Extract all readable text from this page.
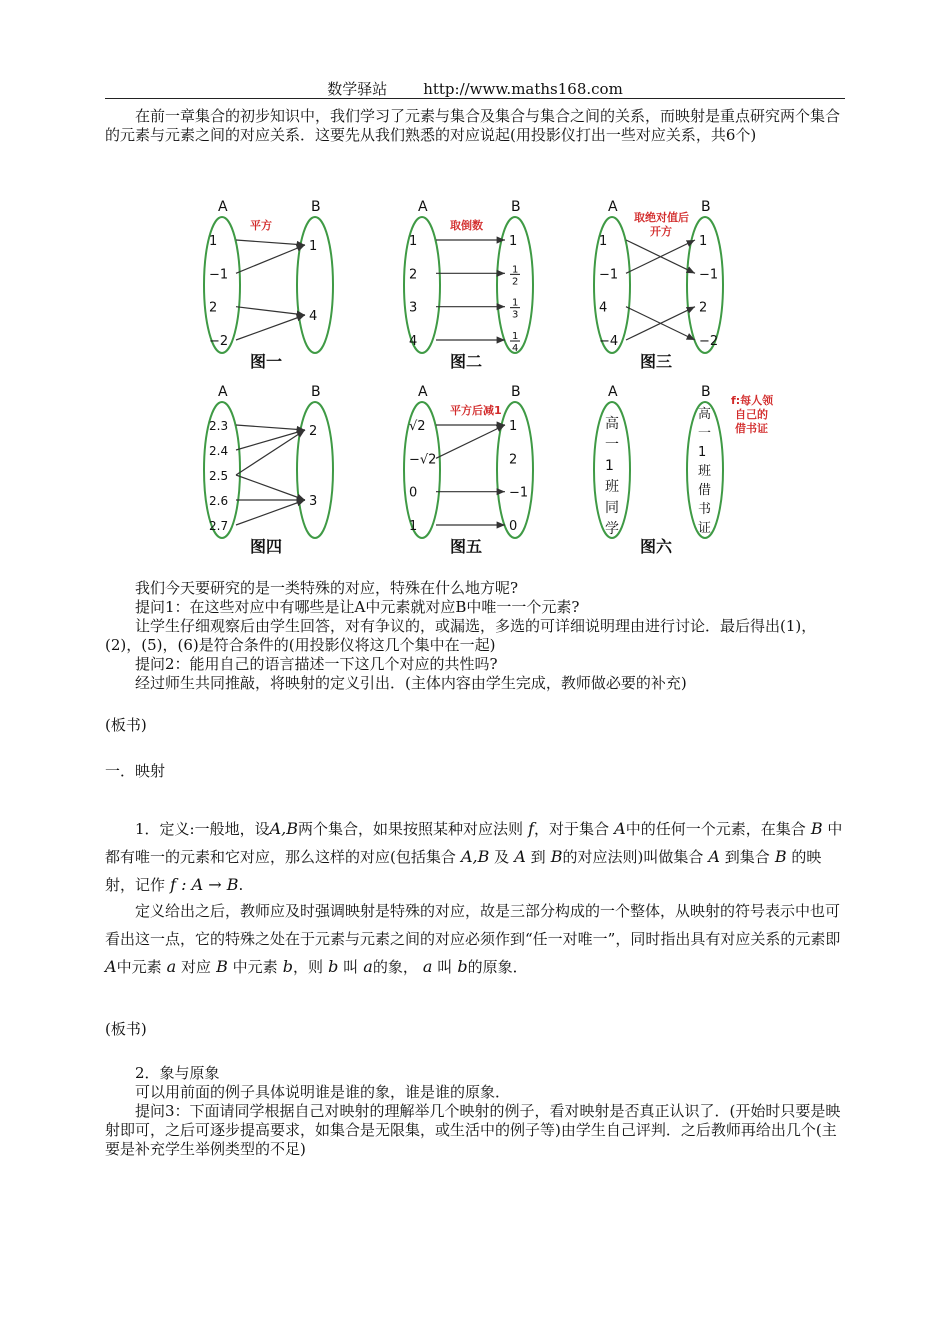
数学驿站 http://www.maths168.com

在前一章集合的初步知识中，我们学习了元素与集合及集合与集合之间的关系，而映射是重点研究两个集合的元素与元素之间的对应关系．这要先从我们熟悉的对应说起(用投影仪打出一些对应关系，共6个)

A	B
图一
1
−1
2
−2
1
4
平方
A	B
图二
1
2
3
4
1
1
2
1
3
1
4
取倒数
A	B
图三
1
−1
4
−4
1
−1
2
−2
取绝对值后
开方
A	B
图四
2.3
2.4
2.5
2.6
2.7
2
3
A	B
图五
√2
−√2
0
1
1
2
−1
0
平方后减1
A	B
图六
高
一
1
班
同
学
高
一
1
班
借
书
证
f:每人领
自己的
借书证

我们今天要研究的是一类特殊的对应，特殊在什么地方呢?

提问1：在这些对应中有哪些是让A中元素就对应B中唯一一个元素?

让学生仔细观察后由学生回答，对有争议的，或漏选，多选的可详细说明理由进行讨论．最后得出(1)，(2)，(5)，(6)是符合条件的(用投影仪将这几个集中在一起)

提问2：能用自己的语言描述一下这几个对应的共性吗?

经过师生共同推敲，将映射的定义引出．(主体内容由学生完成，教师做必要的补充)

(板书)

一．映射

1．定义:一般地，设A,B两个集合，如果按照某种对应法则 f，对于集合 A中的任何一个元素，在集合 B 中都有唯一的元素和它对应，那么这样的对应(包括集合 A,B 及 A 到 B的对应法则)叫做集合 A 到集合 B 的映射，记作 f : A → B.
定义给出之后，教师应及时强调映射是特殊的对应，故是三部分构成的一个整体，从映射的符号表示中也可看出这一点，它的特殊之处在于元素与元素之间的对应必须作到“任一对唯一”，同时指出具有对应关系的元素即 A中元素 a 对应 B 中元素 b，则 b 叫 a的象， a 叫 b的原象．

(板书)

2．象与原象

可以用前面的例子具体说明谁是谁的象，谁是谁的原象．

提问3：下面请同学根据自己对映射的理解举几个映射的例子，看对映射是否真正认识了．(开始时只要是映射即可，之后可逐步提高要求，如集合是无限集，或生活中的例子等)由学生自己评判．之后教师再给出几个(主要是补充学生举例类型的不足)
